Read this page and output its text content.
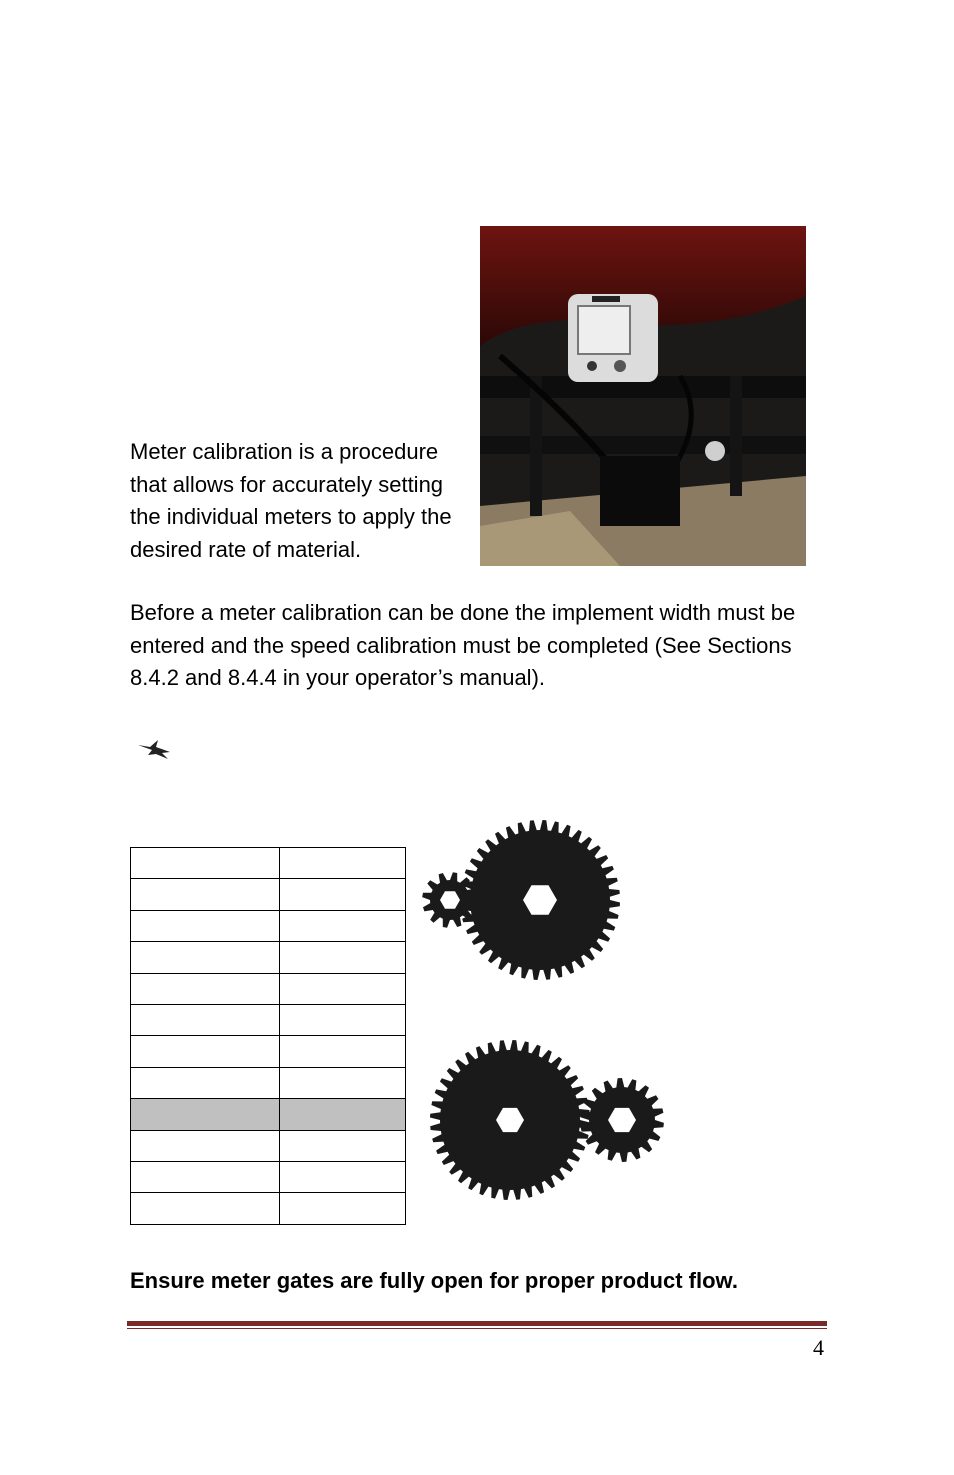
Meter calibration is a procedure that allows for accurately setting the individual meters to apply the desired rate of material.
Before a meter calibration can be done the implement width must be entered and the speed calibration must be completed (See Sections 8.4.2 and 8.4.4 in your operator’s manual).

Ensure meter gates are fully open for proper product flow.
4
